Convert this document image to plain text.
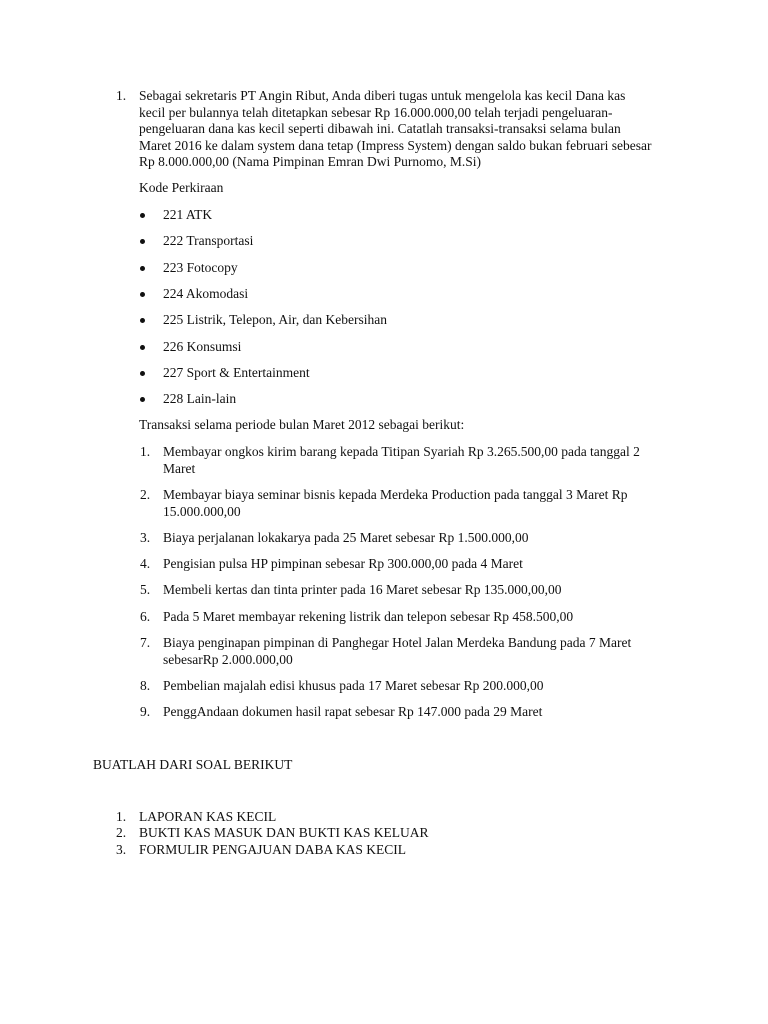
1. Sebagai sekretaris PT Angin Ribut, Anda diberi tugas untuk mengelola kas kecil Dana kas kecil per bulannya telah ditetapkan sebesar Rp 16.000.000,00 telah terjadi pengeluaran-pengeluaran dana kas kecil seperti dibawah ini. Catatlah transaksi-transaksi selama bulan Maret 2016 ke dalam system dana tetap (Impress System) dengan saldo bukan februari sebesar Rp 8.000.000,00 (Nama Pimpinan Emran Dwi Purnomo, M.Si)
Kode Perkiraan
221 ATK
222 Transportasi
223 Fotocopy
224 Akomodasi
225 Listrik, Telepon, Air, dan Kebersihan
226 Konsumsi
227 Sport & Entertainment
228 Lain-lain
Transaksi selama periode bulan Maret 2012 sebagai berikut:
1. Membayar ongkos kirim barang kepada Titipan Syariah Rp 3.265.500,00 pada tanggal 2 Maret
2. Membayar biaya seminar bisnis kepada Merdeka Production pada tanggal 3 Maret Rp 15.000.000,00
3. Biaya perjalanan lokakarya pada 25 Maret sebesar Rp 1.500.000,00
4. Pengisian pulsa HP pimpinan sebesar Rp 300.000,00 pada 4 Maret
5. Membeli kertas dan tinta printer pada 16 Maret sebesar Rp 135.000,00,00
6. Pada 5 Maret membayar rekening listrik dan telepon sebesar Rp 458.500,00
7. Biaya penginapan pimpinan di Panghegar Hotel Jalan Merdeka Bandung pada 7 Maret sebesarRp 2.000.000,00
8. Pembelian majalah edisi khusus pada 17 Maret sebesar Rp 200.000,00
9. PenggAndaan dokumen hasil rapat sebesar Rp 147.000 pada 29 Maret
BUATLAH DARI SOAL BERIKUT
1. LAPORAN KAS KECIL
2. BUKTI KAS MASUK DAN BUKTI KAS KELUAR
3. FORMULIR PENGAJUAN DABA KAS KECIL
